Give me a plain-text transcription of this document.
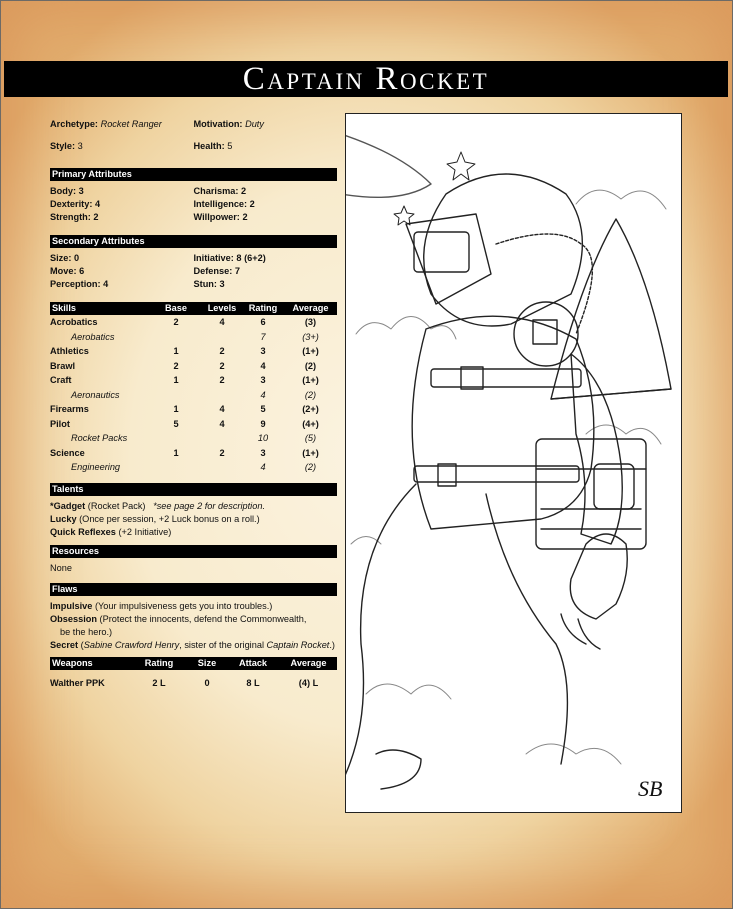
Captain Rocket
Archetype: Rocket Ranger	Motivation: Duty
Style: 3	Health: 5
Primary Attributes
Body: 3	Charisma: 2
Dexterity: 4	Intelligence: 2
Strength: 2	Willpower: 2
Secondary Attributes
Size: 0	Initiative: 8 (6+2)
Move: 6	Defense: 7
Perception: 4	Stun: 3
Skills	Base	Levels	Rating	Average
Acrobatics	2	4	6	(3)
Aerobatics			7	(3+)
Athletics	1	2	3	(1+)
Brawl	2	2	4	(2)
Craft	1	2	3	(1+)
Aeronautics			4	(2)
Firearms	1	4	5	(2+)
Pilot	5	4	9	(4+)
Rocket Packs			10	(5)
Science	1	2	3	(1+)
Engineering			4	(2)
Talents
*Gadget (Rocket Pack)   *see page 2 for description.
Lucky (Once per session, +2 Luck bonus on a roll.)
Quick Reflexes (+2 Initiative)
Resources
None
Flaws
Impulsive (Your impulsiveness gets you into troubles.)
Obsession (Protect the innocents, defend the Commonwealth,
be the hero.)
Secret (Sabine Crawford Henry, sister of the original Captain Rocket.)
Weapons	Rating	Size	Attack	Average

Walther PPK	2 L	0	8 L	(4) L
SB
